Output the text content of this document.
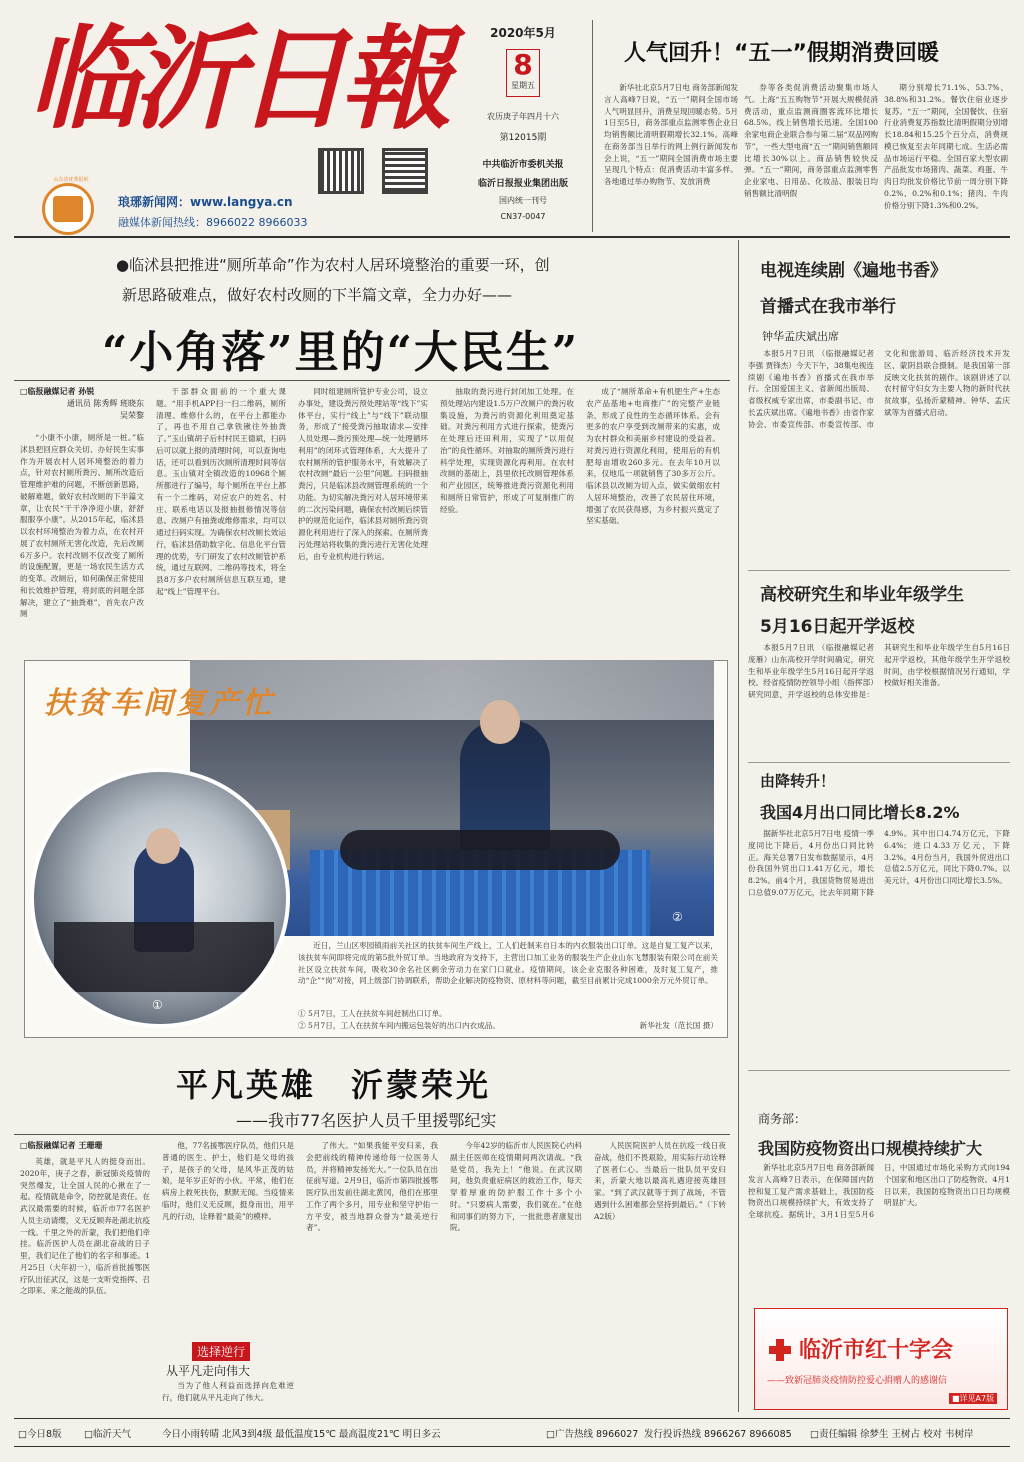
临沂日報
山东省优秀报纸
琅琊新闻网：www.langya.cn
融媒体新闻热线：8966022 8966033
2020年5月
8
星期五
农历庚子年四月十六
第12015期
中共临沂市委机关报
临沂日报报业集团出版
国内统一刊号
CN37-0047
人气回升！“五一”假期消费回暖

新华社北京5月7日电 商务部新闻发言人高峰7日说，“五一”期间全国市场人气明显回升，消费呈现回暖态势。5月1日至5日，商务部重点监测零售企业日均销售额比清明假期增长32.1%。高峰在商务部当日举行的网上例行新闻发布会上说，“五一”期间全国消费市场主要呈现几个特点：促消费活动丰富多样。各地通过举办购物节、发放消费

券等各类促消费活动聚集市场人气。上海“五五购物节”开展大规模促消费活动，重点监测商圈客流环比增长68.5%。线上销售增长迅速。全国100余家电商企业联合参与第二届“双品网购节”，一些大型电商“五一”期间销售额同比增长30%以上。商品销售较快反弹。“五一”期间，商务部重点监测零售企业家电、日用品、化妆品、服装日均销售额比清明假

期分别增长71.1%、53.7%、38.8%和31.2%。餐饮住宿业逐步复苏。“五一”期间，全国餐饮、住宿行业消费复苏指数比清明假期分别增长18.84和15.25个百分点，消费规模已恢复至去年同期七成。生活必需品市场运行平稳。全国百家大型农副产品批发市场猪肉、蔬菜、鸡蛋、牛肉日均批发价格比节前一周分别下降0.2%、0.2%和0.1%；猪肉、牛肉价格分别下降1.3%和0.2%。

●临沭县把推进“厕所革命”作为农村人居环境整治的重要一环，创
新思路破难点，做好农村改厕的下半篇文章，全力办好——
“小角落”里的“大民生”
□临报融媒记者 孙锐
通讯员 陈秀辉 班晓东
吴荣黎

“小康不小康，厕所是一桩。”临沭县把回应群众关切、办好民生实事作为开展农村人居环境整治的着力点，针对农村厕所粪污、厕所改造后管理维护难的问题，不断创新思路，破解难题，做好农村改厕的下半篇文章，让农民“干干净净迎小康，舒舒服服享小康”。从2015年起，临沭县以农村环境整治为着力点，在农村开展了农村厕所无害化改造，先后改厕6万多户。农村改厕不仅改变了厕所的设施配置，更是一场农民生活方式的变革。改厕后，如何确保正常使用和长效维护管理，将封底的问题全部解决，建立了“抽粪难”，首先农户改厕

干部群众面前的一个重大课题。“用手机APP扫一扫二维码，厕所清理、维修什么的，在平台上都能办了，再也不用自己拿铁锹往外抽粪了。”玉山镇胡子后村村民王德斌，扫码后可以就上报的清理时间，可以查询电话，还可以看到历次厕所清理时间等信息。玉山镇对全镇改造的10968个厕所都进行了编号，每个厕所在平台上都有一个二维码，对应农户的姓名、村庄、联系电话以及报抽报修情况等信息。改厕户有抽粪或维修需求，均可以通过扫码实现。为确保农村改厕长效运行，临沭县借助数字化、信息化平台管理的优势，专门研发了农村改厕管护系统，通过互联网、二维码等技术，将全县8万多户农村厕所信息互联互通，建起“线上”管理平台。

同时组建厕所管护专业公司，设立办事处，建设粪污预处理站等“线下”实体平台，实行“线上”与“线下”联动服务，形成了“接受粪污抽取请求—安排人员处理—粪污预处理—统一处理循环利用”的闭环式管理体系，大大提升了农村厕所的管护服务水平，有效解决了农村改厕“最后一公里”问题。扫码报抽粪污，只是临沭县改厕管理系统的一个功能。为切实解决粪污对人居环境带来的二次污染问题，确保农村改厕后续管护的规范化运作，临沭县对厕所粪污资源化利用进行了深入的探索。在厕所粪污处理站将收集的粪污进行无害化处理后，由专业机构进行转运。

抽取的粪污进行封闭加工处理。在预处理站内建设1.5万户改厕户的粪污收集设施，为粪污的资源化利用奠定基础。对粪污利用方式进行探索，使粪污在处理后还田利用，实现了“以用促治”的良性循环。对抽取的厕所粪污进行科学处理，实现资源化再利用。在农村改厕的基础上，县里依托改厕管理体系和产业园区，统筹推进粪污资源化利用和厕所日常管护，形成了可复制推广的经验。

成了“厕所革命+有机肥生产+生态农产品基地+电商推广”的完整产业链条，形成了良性的生态循环体系。会有更多的农户享受到改厕带来的实惠，成为农村群众和美丽乡村建设的受益者。对粪污进行资源化利用，使用后的有机肥每亩增收260多元。在去年10月以来，仅地瓜一项就销售了30多万公斤。临沭县以改厕为切入点，做实做细农村人居环境整治，改善了农民居住环境，增强了农民获得感，为乡村振兴奠定了坚实基础。

②
①
扶贫车间复产忙
近日，兰山区枣园镇雨前关社区的扶贫车间生产线上，工人们赶制来自日本的内衣服装出口订单。这是自复工复产以来，该扶贫车间即将完成的第5批外贸订单。当地政府为支持下，主营出口加工业务的服装生产企业山东飞慧服装有限公司在前关社区设立扶贫车间，吸收30余名社区剩余劳动力在家门口就业。疫情期间，该企业克服各种困难，及时复工复产，推动“企”“岗”对接，同上级部门协调联系，帮助企业解决防疫物资、原材料等问题，截至目前累计完成1000余万元外贸订单。
① 5月7日，工人在扶贫车间赶制出口订单。
② 5月7日，工人在扶贫车间内搬运包装好的出口内衣成品。	新华社发（范长国 摄）
平凡英雄　沂蒙荣光
——我市77名医护人员千里援鄂纪实
□临报融媒记者 王珊珊

英雄，就是平凡人的挺身而出。2020年，庚子之春，新冠肺炎疫情的突然爆发，让全国人民的心揪在了一起。疫情就是命令，防控就是责任。在武汉最需要的时候，临沂市77名医护人员主动请缨，义无反顾奔赴湖北抗疫一线。千里之外的沂蒙，我们把他们牵挂。临沂医护人员在湖北奋战的日子里，我们记住了他们的名字和事迹。1月25日（大年初一），临沂首批援鄂医疗队出征武汉，这是一支听党指挥、召之即来、来之能战的队伍。

他，77名援鄂医疗队员，他们只是普通的医生、护士，他们是父母的孩子，是孩子的父母，是风华正茂的姑娘，是年岁正好的小伙。平常，他们在病房上救死扶伤，默默无闻。当疫情来临时，他们义无反顾，挺身而出，用平凡的行动，诠释着“最美”的模样。

选择逆行
从平凡走向伟大

当为了他人利益而选择向危难逆行，他们就从平凡走向了伟大。

了伟大。“如果我能平安归来，我会把前线的精神传递给每一位医务人员，并将精神发扬光大。”一位队员在出征前写道。2月9日，临沂市第四批援鄂医疗队出发前往湖北黄冈，他们在那里工作了两个多月，用专业和坚守护佑一方平安，被当地群众誉为“最美逆行者”。

今年42岁的临沂市人民医院心内科副主任医师在疫情期间两次请战。“我是党员，我先上！”他说。在武汉期间，他负责重症病区的救治工作，每天穿着厚重的防护服工作十多个小时。“只要病人需要，我们就在。”在他和同事们的努力下，一批批患者康复出院。

人民医院医护人员在抗疫一线日夜奋战，他们不畏艰险，用实际行动诠释了医者仁心。当最后一批队员平安归来，沂蒙大地以最高礼遇迎接英雄回家。“到了武汉就等于到了战场，不管遇到什么困难都会坚持到最后。”（下转A2版）

电视连续剧《遍地书香》
首播式在我市举行
钟华孟庆斌出席

本报5月7日讯 （临报融媒记者 李强 贾锋杰）今天下午，38集电视连续剧《遍地书香》首播式在我市举行。全国爱国主义、省新闻出版局、省级权威专家出席，市委副书记、市长孟庆斌出席。《遍地书香》由省作家协会、市委宣传部、市委宣传部、市文化和旅游局、临沂经济技术开发区、蒙阴县联合摄制。是我国第一部反映文化扶贫的剧作。该剧讲述了以农村留守妇女为主要人物的新时代扶贫故事，弘扬沂蒙精神。钟华、孟庆斌等为首播式启动。

高校研究生和毕业年级学生
5月16日起开学返校

本报5月7日讯 （临报融媒记者 庞雁）山东高校开学时间确定，研究生和毕业年级学生5月16日起开学返校。经省疫情防控领导小组（指挥部）研究同意，开学返校的总体安排是：其研究生和毕业年级学生自5月16日起开学返校，其他年级学生开学返校时间，由学校根据情况另行通知，学校做好相关准备。

由降转升！
我国4月出口同比增长8.2%

据新华社北京5月7日电 疫情一季度同比下降后，4月份出口同比转正。海关总署7日发布数据显示，4月份我国外贸出口1.41万亿元，增长8.2%。前4个月，我国货物贸易进出口总值9.07万亿元，比去年同期下降4.9%。其中出口4.74万亿元，下降6.4%；进口4.33万亿元，下降3.2%。4月份当月，我国外贸进出口总值2.5万亿元，同比下降0.7%。以美元计，4月份出口同比增长3.5%。

商务部：
我国防疫物资出口规模持续扩大

新华社北京5月7日电 商务部新闻发言人高峰7日表示，在保障国内防控和复工复产需求基础上，我国防疫物资出口规模持续扩大，有效支持了全球抗疫。据统计，3月1日至5月6日，中国通过市场化采购方式向194个国家和地区出口了防疫物资。4月1日以来，我国防疫物资出口日均规模明显扩大。

临沂市红十字会
——致新冠肺炎疫情防控爱心捐赠人的感谢信
■详见A7版
□今日8版 □临沂天气	今日小雨转晴 北风3到4级 最低温度15℃ 最高温度21℃ 明日多云	□广告热线 8966027 发行投诉热线 8966267 8966085 □责任编辑 徐梦生 王树占 校对 韦树岸
